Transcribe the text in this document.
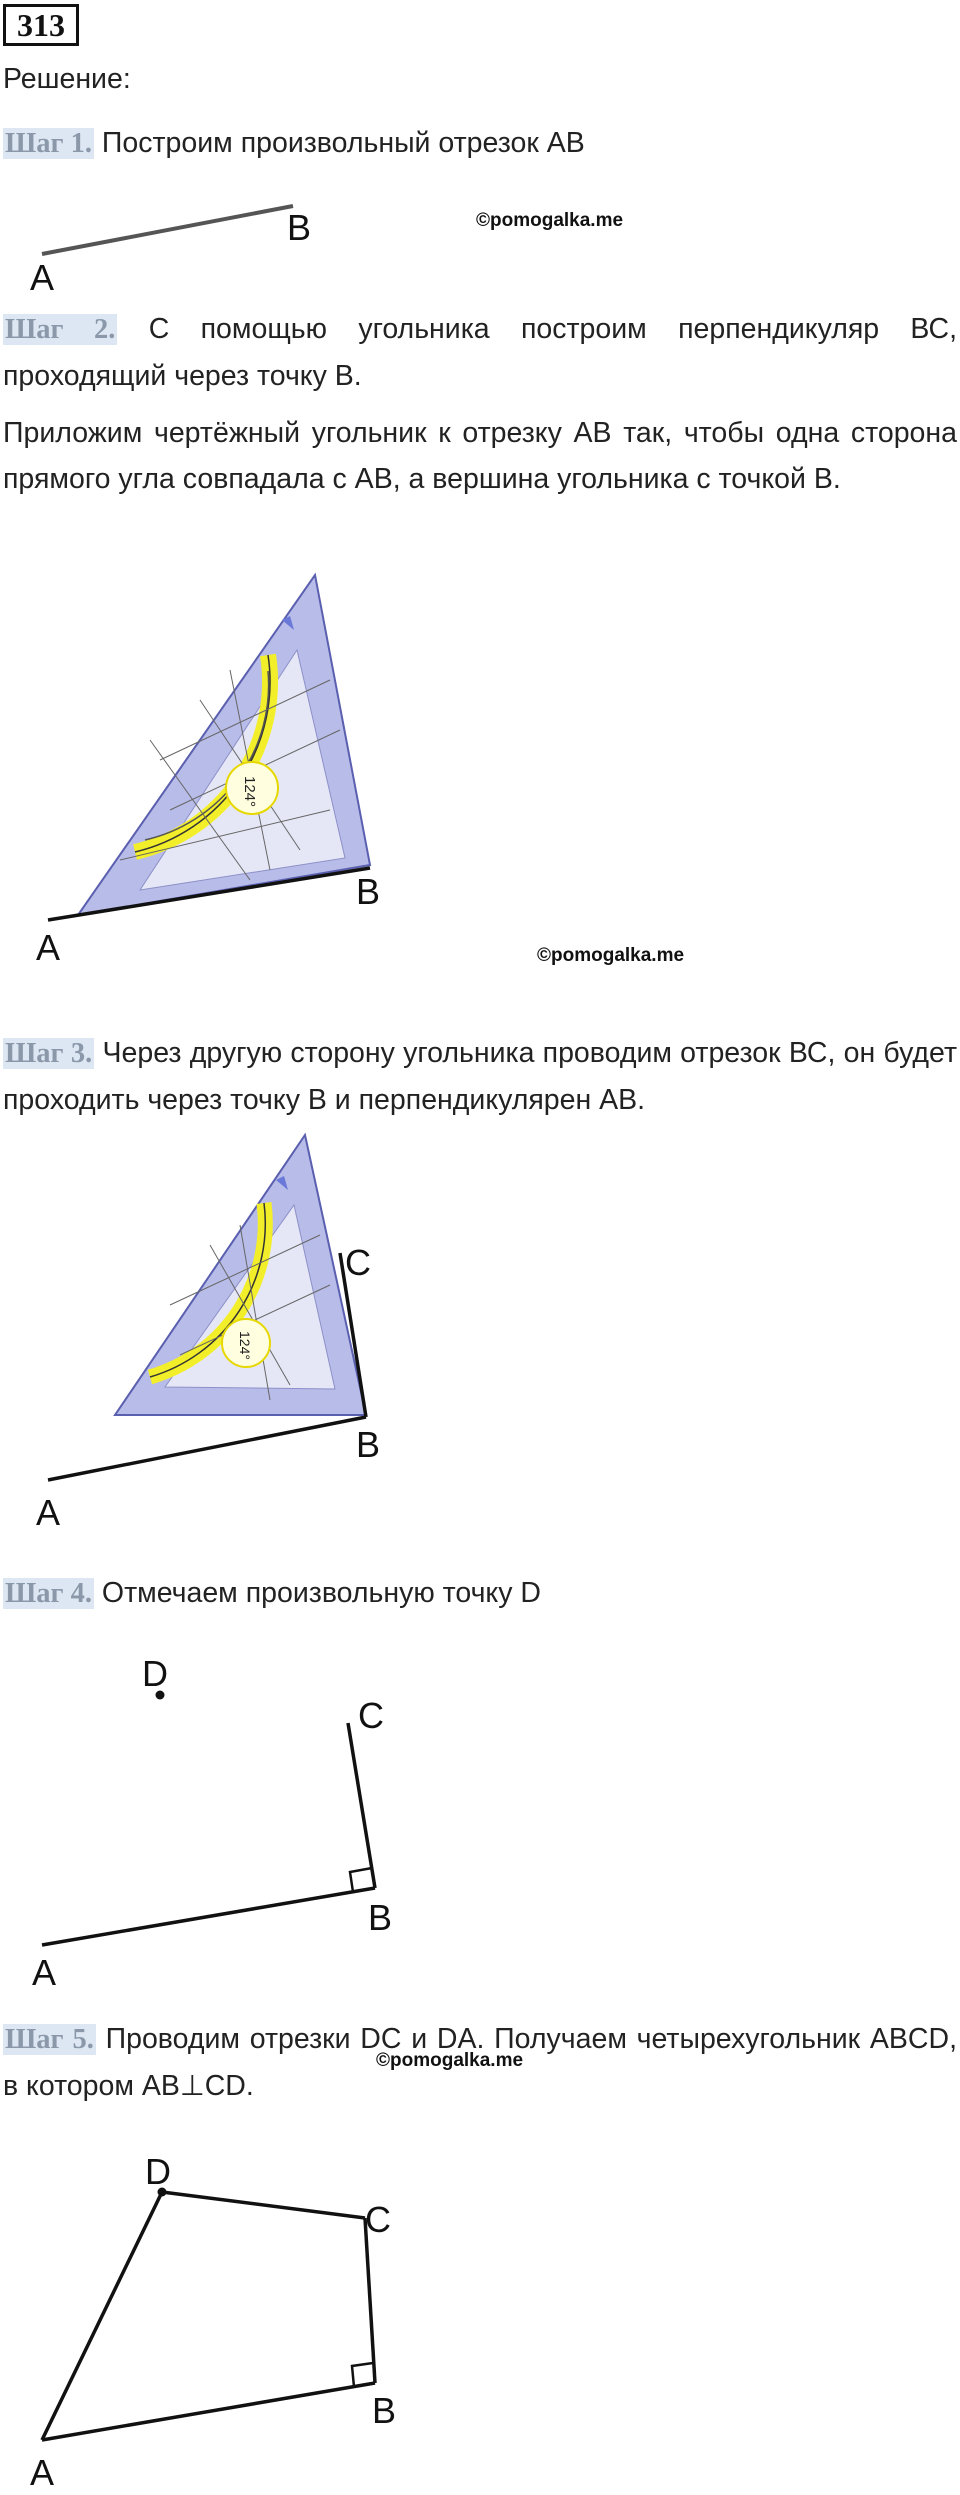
313
Решение:
Шаг 1. Построим произвольный отрезок АВ
A
B	©pomogalka.me
Шаг 2. С помощью угольника построим перпендикуляр ВС, проходящий через точку В.
Приложим чертёжный угольник к отрезку АВ так, чтобы одна сторона прямого угла совпадала с АВ, а вершина угольника с точкой В.
124°
A
B
©pomogalka.me
Шаг 3. Через другую сторону угольника проводим отрезок ВС, он будет проходить через точку В и перпендикулярен АВ.
124°
A
B
C
Шаг 4. Отмечаем произвольную точку D
D
C
B
A
Шаг 5. Проводим отрезки DC и DA. Получаем четырехугольник ABCD, в котором AB⊥CD.
©pomogalka.me
D
C
B
A
